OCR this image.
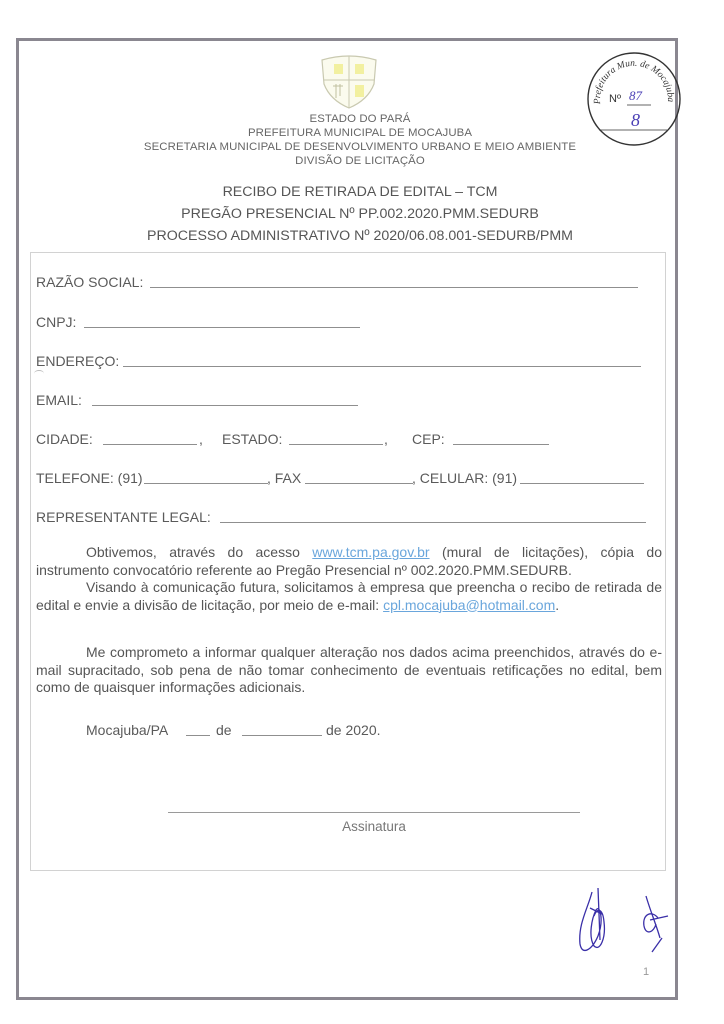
ESTADO DO PARÁ
PREFEITURA MUNICIPAL DE MOCAJUBA
SECRETARIA MUNICIPAL DE DESENVOLVIMENTO URBANO E MEIO AMBIENTE
DIVISÃO DE LICITAÇÃO
Prefeitura Mun. de Mocajuba
Nº 87
8
RECIBO DE RETIRADA DE EDITAL – TCM
PREGÃO PRESENCIAL Nº PP.002.2020.PMM.SEDURB
PROCESSO ADMINISTRATIVO Nº 2020/06.08.001-SEDURB/PMM
RAZÃO SOCIAL:
CNPJ:
ENDEREÇO:
EMAIL:
CIDADE:	, ESTADO:	, CEP:
TELEFONE: (91)	, FAX	, CELULAR: (91)
REPRESENTANTE LEGAL:
Obtivemos, através do acesso www.tcm.pa.gov.br (mural de licitações), cópia do instrumento convocatório referente ao Pregão Presencial nº 002.2020.PMM.SEDURB.
Visando à comunicação futura, solicitamos à empresa que preencha o recibo de retirada de edital e envie a divisão de licitação, por meio de e-mail: cpl.mocajuba@hotmail.com.
Me comprometo a informar qualquer alteração nos dados acima preenchidos, através do e-mail supracitado, sob pena de não tomar conhecimento de eventuais retificações no edital, bem como de quaisquer informações adicionais.
Mocajuba/PA	de	de 2020.
Assinatura
1
